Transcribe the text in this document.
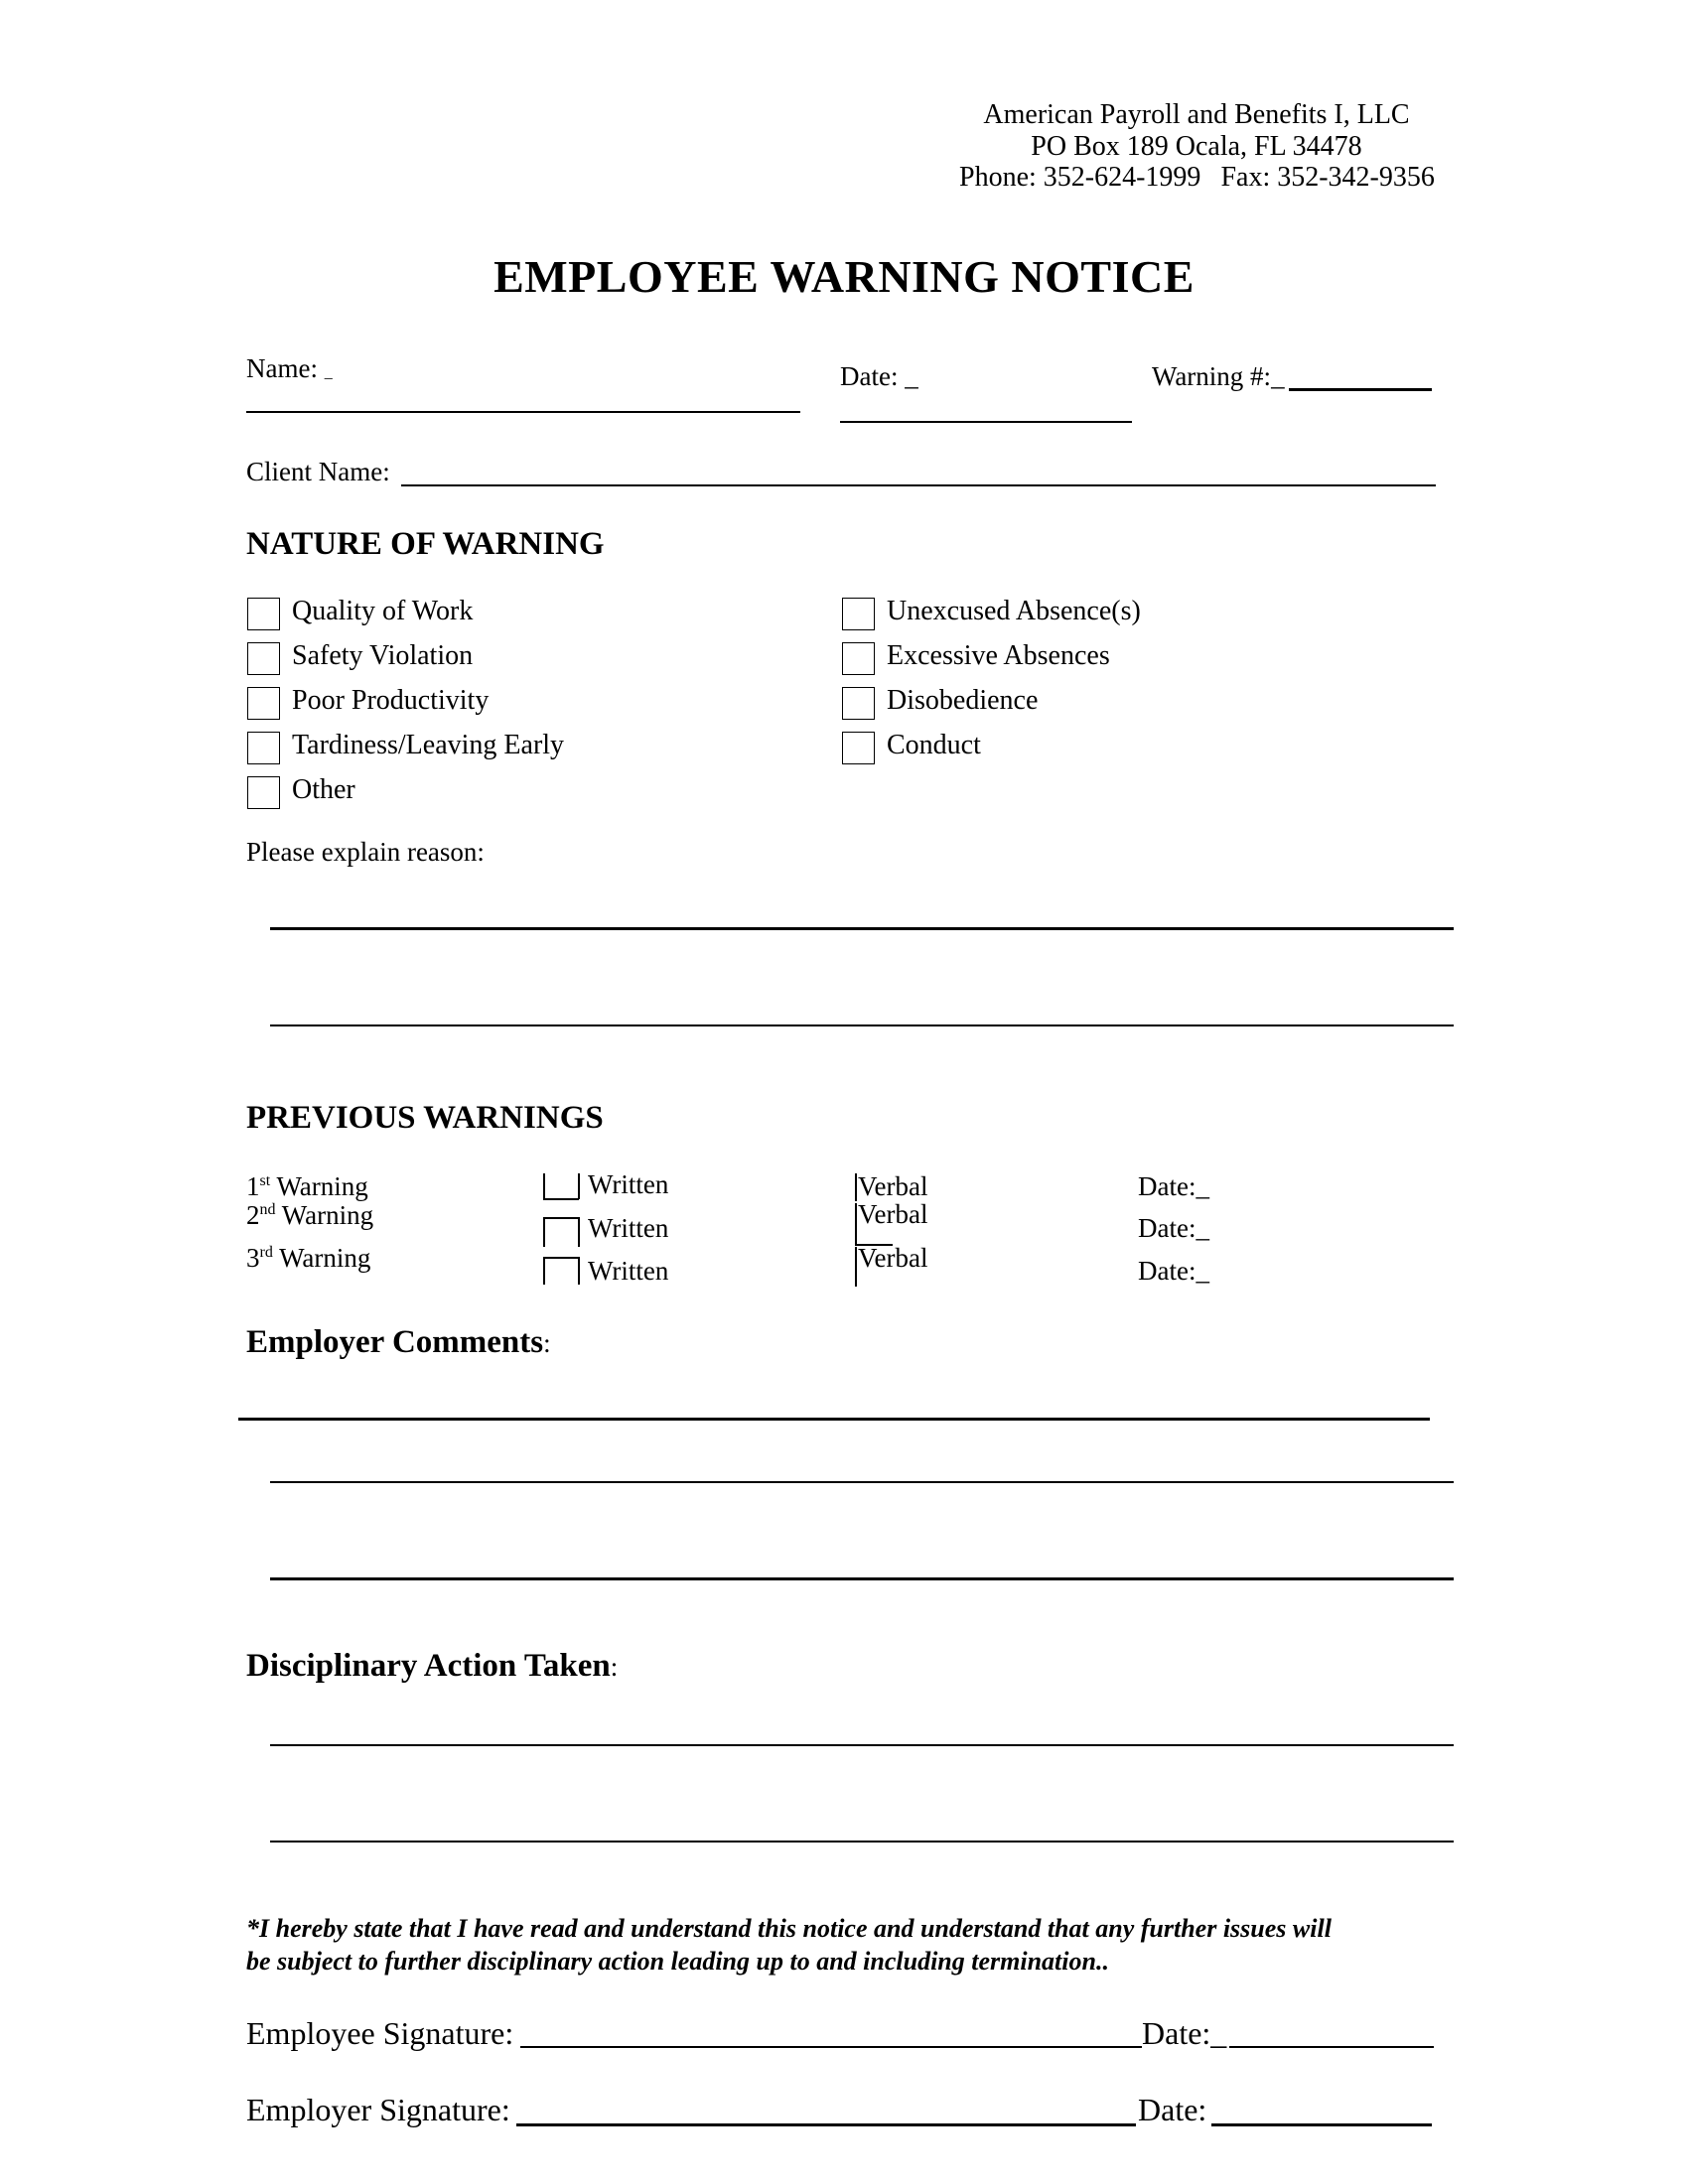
American Payroll and Benefits I, LLC
PO Box 189 Ocala, FL 34478
Phone: 352-624-1999 Fax: 352-342-9356
EMPLOYEE WARNING NOTICE
Name: _	Date: _	Warning #:_
Client Name:
NATURE OF WARNING
Quality of Work
Safety Violation
Poor Productivity
Tardiness/Leaving Early
Other
Unexcused Absence(s)
Excessive Absences
Disobedience
Conduct
Please explain reason:
PREVIOUS WARNINGS
1st Warning	Written	Verbal	Date:_
2nd Warning	Written	Verbal	Date:_
3rd Warning	Written	Verbal	Date:_
Employer Comments:
Disciplinary Action Taken:
*I hereby state that I have read and understand this notice and understand that any further issues will
be subject to further disciplinary action leading up to and including termination..
Employee Signature:	Date:_
Employer Signature:	Date:
